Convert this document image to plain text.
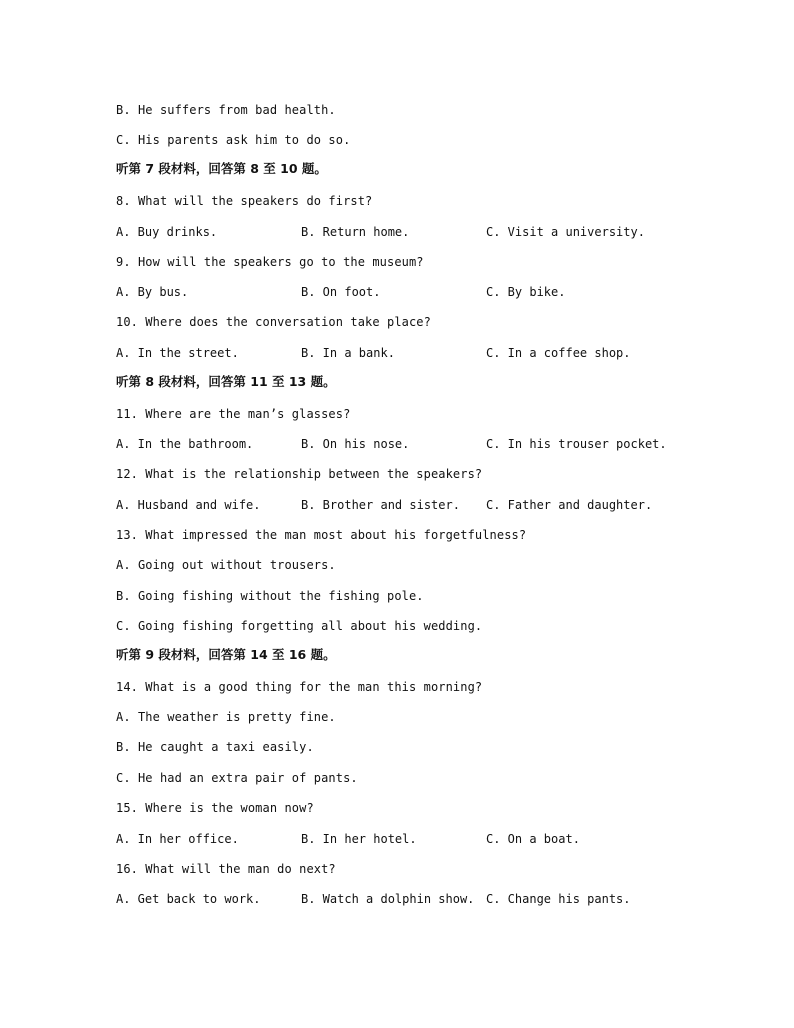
B. He suffers from bad health.
C. His parents ask him to do so.
听第 7 段材料，回答第 8 至 10 题。
8. What will the speakers do first?
A. Buy drinks.	B. Return home.	C. Visit a university.
9. How will the speakers go to the museum?
A. By bus.	B. On foot.	C. By bike.
10. Where does the conversation take place?
A. In the street.	B. In a bank.	C. In a coffee shop.
听第 8 段材料，回答第 11 至 13 题。
11. Where are the man’s glasses?
A. In the bathroom.	B. On his nose.	C. In his trouser pocket.
12. What is the relationship between the speakers?
A. Husband and wife.	B. Brother and sister. C. Father and daughter.
13. What impressed the man most about his forgetfulness?
A. Going out without trousers.
B. Going fishing without the fishing pole.
C. Going fishing forgetting all about his wedding.
听第 9 段材料，回答第 14 至 16 题。
14. What is a good thing for the man this morning?
A. The weather is pretty fine.
B. He caught a taxi easily.
C. He had an extra pair of pants.
15. Where is the woman now?
A. In her office.	B. In her hotel.	C. On a boat.
16. What will the man do next?
A. Get back to work.	B. Watch a dolphin show. C. Change his pants.
